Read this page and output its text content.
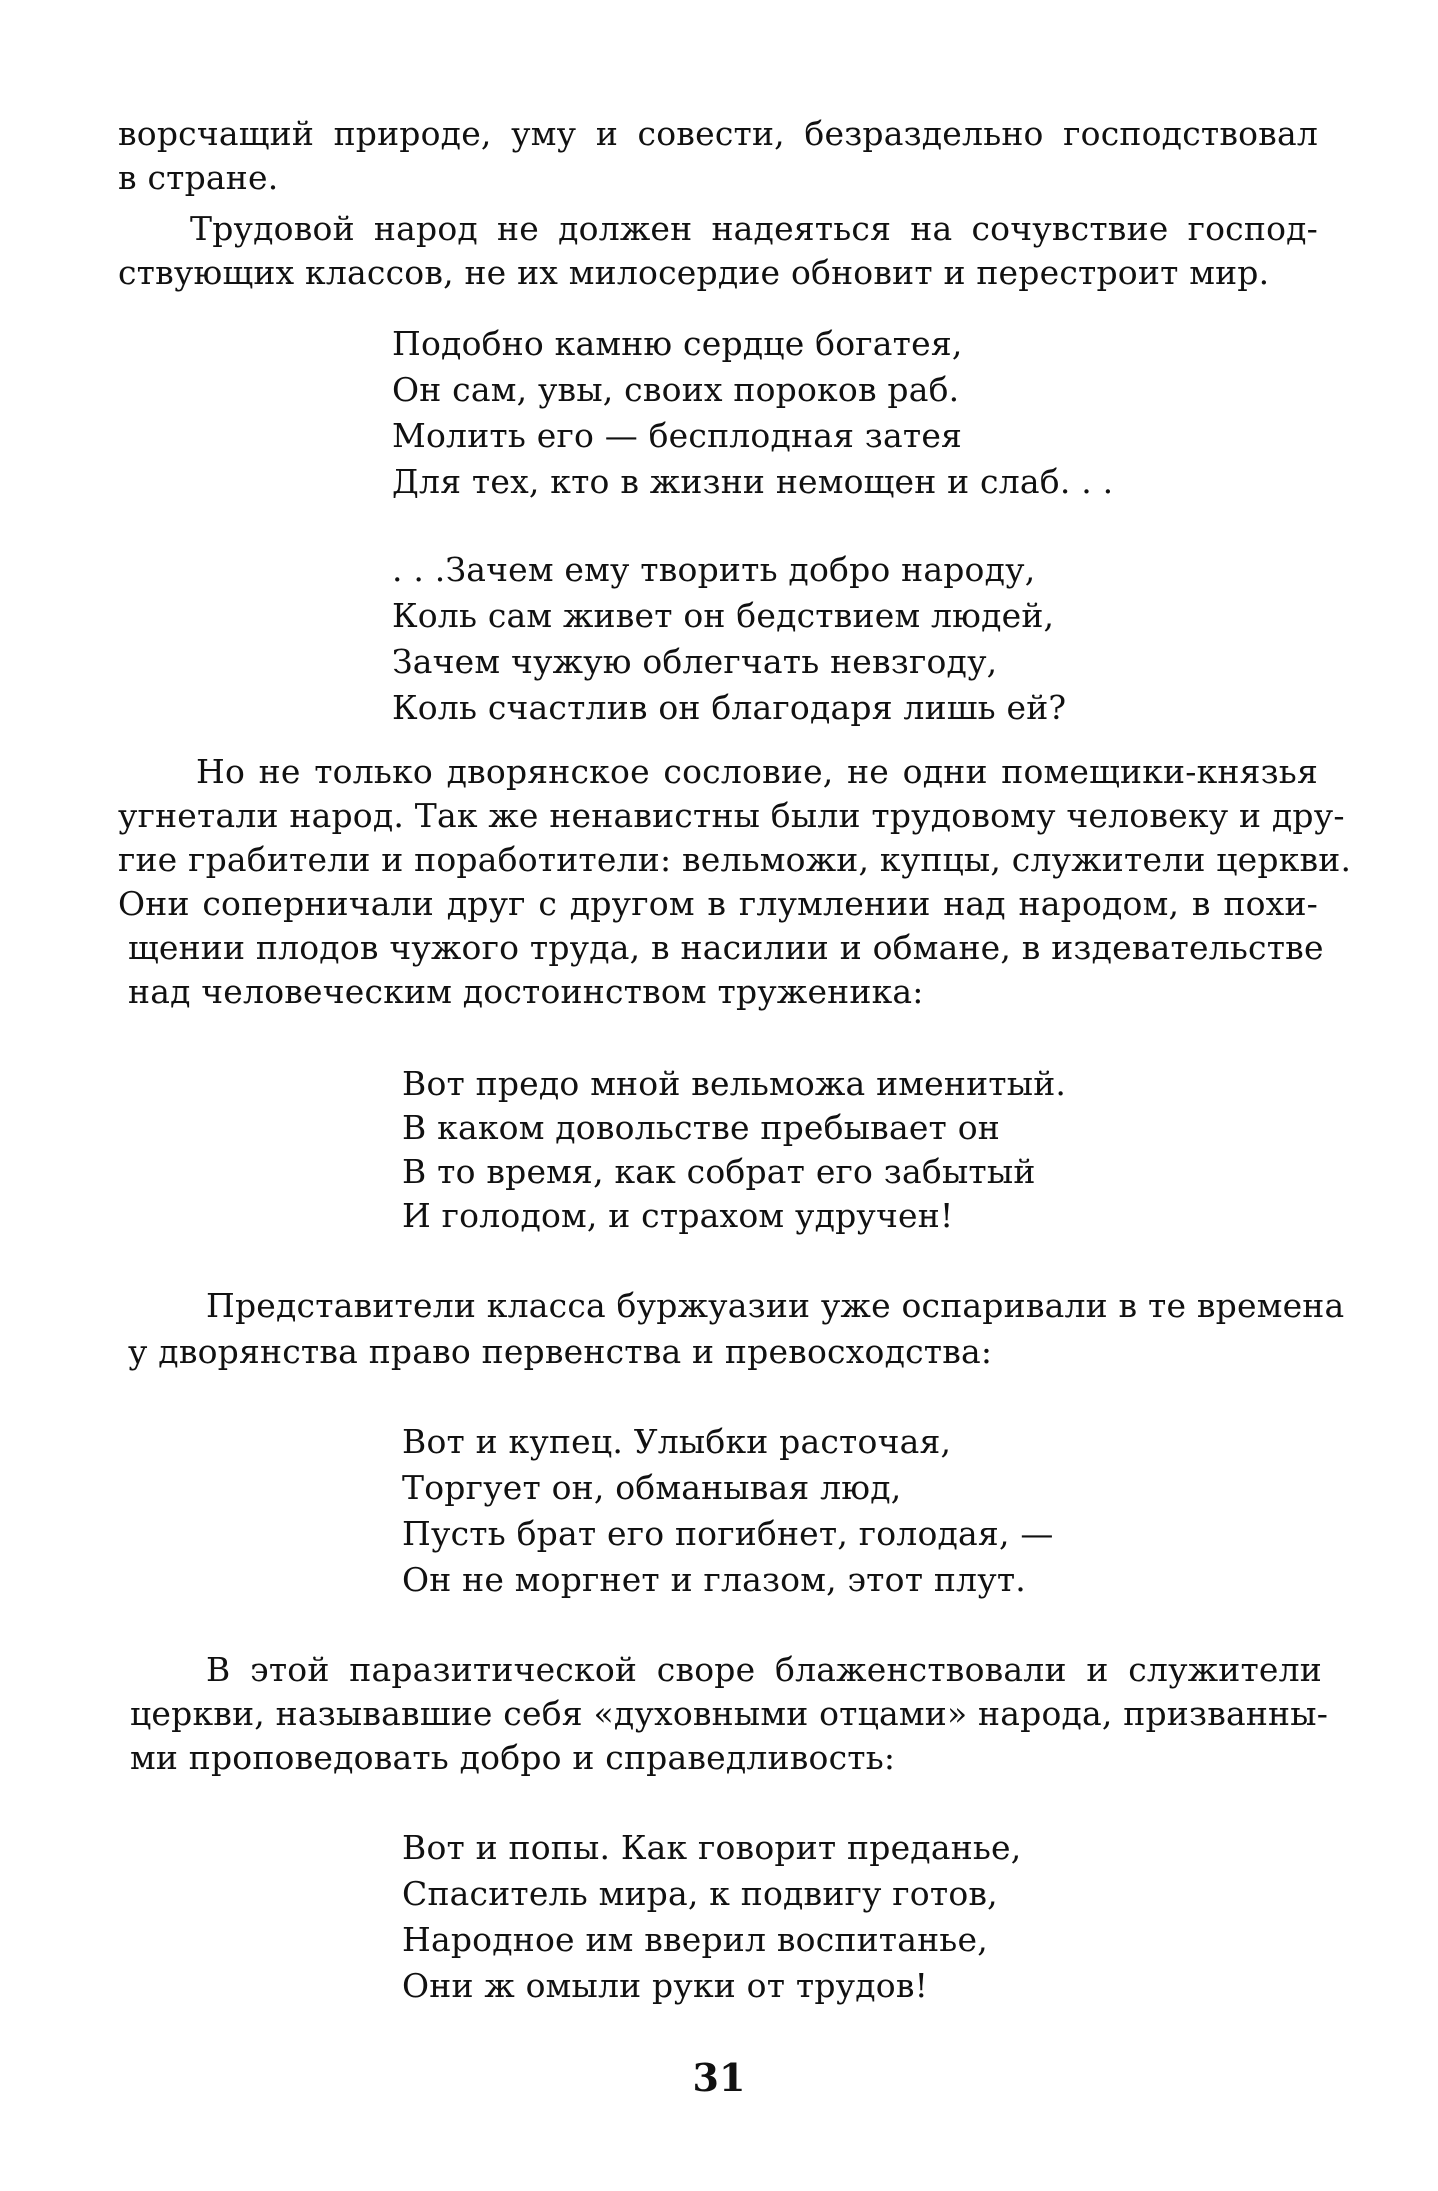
ворсчащий природе, уму и совести, безраздельно господствовал
в стране.
Трудовой народ не должен надеяться на сочувствие господ-
ствующих классов, не их милосердие обновит и перестроит мир.
Подобно камню сердце богатея,
Он сам, увы, своих пороков раб.
Молить его — бесплодная затея
Для тех, кто в жизни немощен и слаб. . .
. . .Зачем ему творить добро народу,
Коль сам живет он бедствием людей,
Зачем чужую облегчать невзгоду,
Коль счастлив он благодаря лишь ей?
Но не только дворянское сословие, не одни помещики-князья
угнетали народ. Так же ненавистны были трудовому человеку и дру-
гие грабители и поработители: вельможи, купцы, служители церкви.
Они соперничали друг с другом в глумлении над народом, в похи-
щении плодов чужого труда, в насилии и обмане, в издевательстве
над человеческим достоинством труженика:
Вот предо мной вельможа именитый.
В каком довольстве пребывает он
В то время, как собрат его забытый
И голодом, и страхом удручен!
Представители класса буржуазии уже оспаривали в те времена
у дворянства право первенства и превосходства:
Вот и купец. Улыбки расточая,
Торгует он, обманывая люд,
Пусть брат его погибнет, голодая, —
Он не моргнет и глазом, этот плут.
В этой паразитической своре блаженствовали и служители
церкви, называвшие себя «духовными отцами» народа, призванны-
ми проповедовать добро и справедливость:
Вот и попы. Как говорит преданье,
Спаситель мира, к подвигу готов,
Народное им вверил воспитанье,
Они ж омыли руки от трудов!
31
